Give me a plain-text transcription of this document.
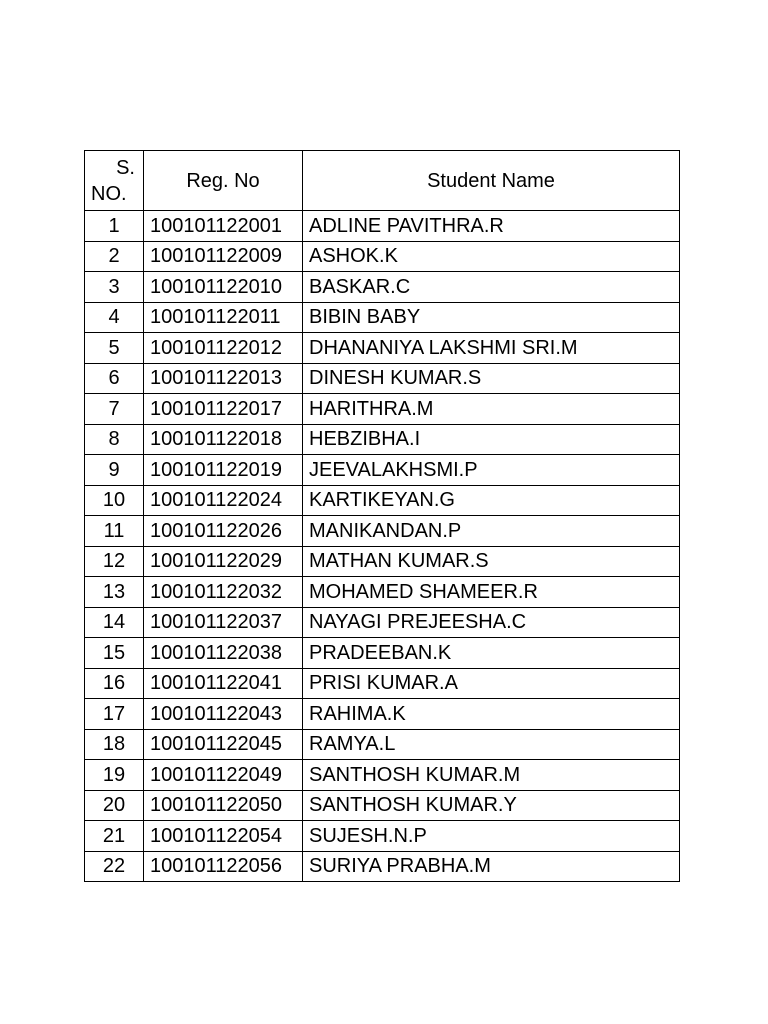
S.
NO.	Reg. No	Student Name
1	100101122001	ADLINE PAVITHRA.R
2	100101122009	ASHOK.K
3	100101122010	BASKAR.C
4	100101122011	BIBIN BABY
5	100101122012	DHANANIYA LAKSHMI SRI.M
6	100101122013	DINESH KUMAR.S
7	100101122017	HARITHRA.M
8	100101122018	HEBZIBHA.I
9	100101122019	JEEVALAKHSMI.P
10	100101122024	KARTIKEYAN.G
11	100101122026	MANIKANDAN.P
12	100101122029	MATHAN KUMAR.S
13	100101122032	MOHAMED SHAMEER.R
14	100101122037	NAYAGI PREJEESHA.C
15	100101122038	PRADEEBAN.K
16	100101122041	PRISI KUMAR.A
17	100101122043	RAHIMA.K
18	100101122045	RAMYA.L
19	100101122049	SANTHOSH KUMAR.M
20	100101122050	SANTHOSH KUMAR.Y
21	100101122054	SUJESH.N.P
22	100101122056	SURIYA PRABHA.M
